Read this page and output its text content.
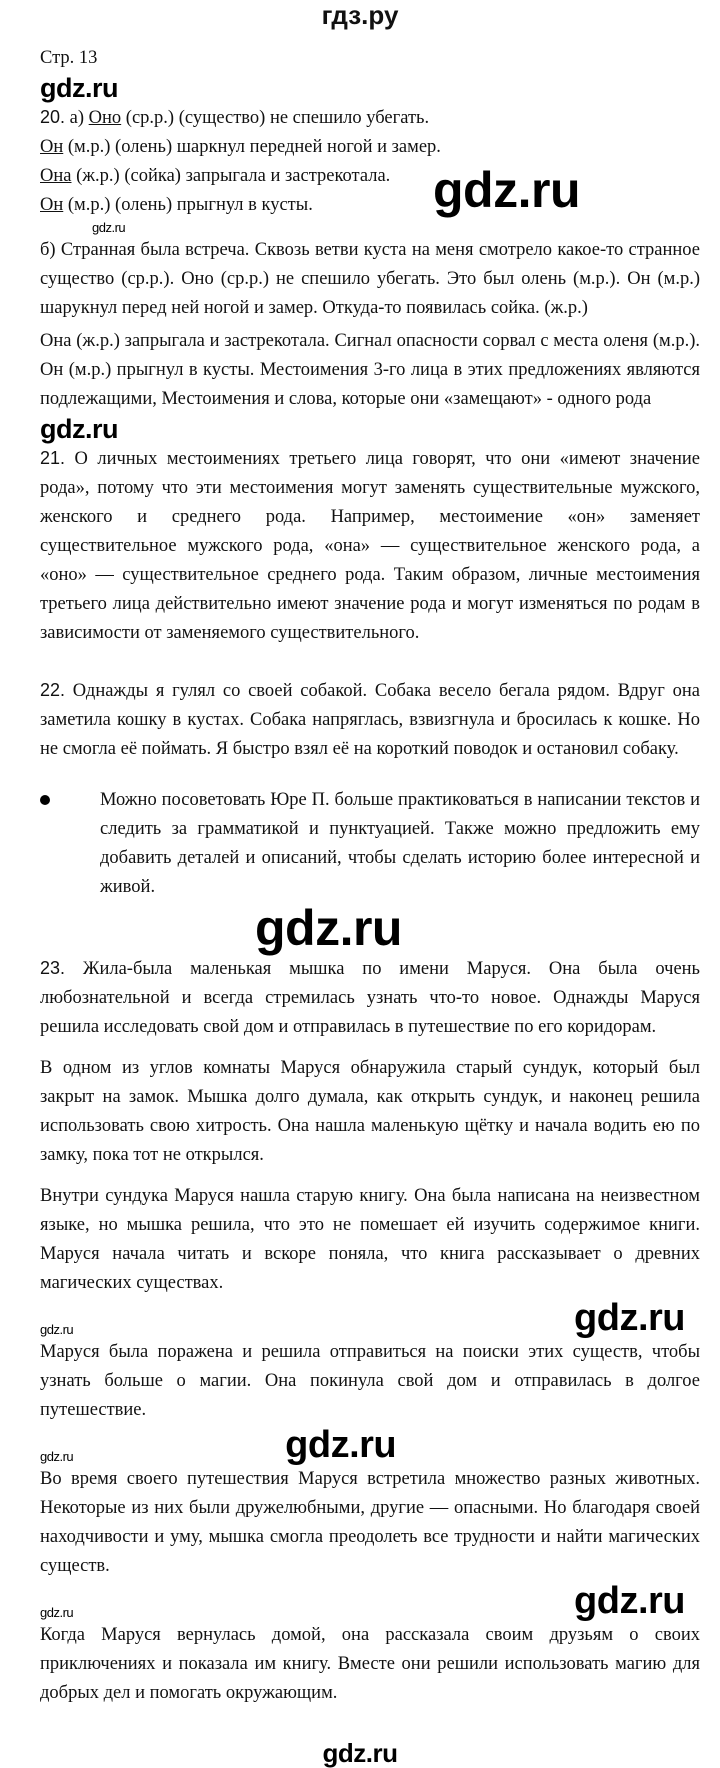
гдз.ру
Стр. 13
gdz.ru
20. а) Оно (ср.р.) (существо) не спешило убегать.
Он (м.р.) (олень) шаркнул передней ногой и замер.
gdz.ru
Она (ж.р.) (сойка) запрыгала и застрекотала.
Он (м.р.) (олень) прыгнул в кусты.
gdz.ru
б) Странная была встреча. Сквозь ветви куста на меня смотрело какое-то странное существо (ср.р.). Оно (ср.р.) не спешило убегать. Это был олень (м.р.). Он (м.р.) шарукнул перед ней ногой и замер. Откуда-то появилась сойка. (ж.р.)
Она (ж.р.) запрыгала и застрекотала. Сигнал опасности сорвал с места оленя (м.р.). Он (м.р.) прыгнул в кусты. Местоимения 3-го лица в этих предложениях являются подлежащими, Местоимения и слова, которые они «замещают» - одного рода
gdz.ru
21. О личных местоимениях третьего лица говорят, что они «имеют значение рода», потому что эти местоимения могут заменять существительные мужского, женского и среднего рода. Например, местоимение «он» заменяет существительное мужского рода, «она» — существительное женского рода, а «оно» — существительное среднего рода. Таким образом, личные местоимения третьего лица действительно имеют значение рода и могут изменяться по родам в зависимости от заменяемого существительного.
22. Однажды я гулял со своей собакой. Собака весело бегала рядом. Вдруг она заметила кошку в кустах. Собака напряглась, взвизгнула и бросилась к кошке. Но не смогла её поймать. Я быстро взял её на короткий поводок и остановил собаку.
Можно посоветовать Юре П. больше практиковаться в написании текстов и следить за грамматикой и пунктуацией. Также можно предложить ему добавить деталей и описаний, чтобы сделать историю более интересной и живой.
gdz.ru
23. Жила-была маленькая мышка по имени Маруся. Она была очень любознательной и всегда стремилась узнать что-то новое. Однажды Маруся решила исследовать свой дом и отправилась в путешествие по его коридорам.
В одном из углов комнаты Маруся обнаружила старый сундук, который был закрыт на замок. Мышка долго думала, как открыть сундук, и наконец решила использовать свою хитрость. Она нашла маленькую щётку и начала водить ею по замку, пока тот не открылся.
Внутри сундука Маруся нашла старую книгу. Она была написана на неизвестном языке, но мышка решила, что это не помешает ей изучить содержимое книги. Маруся начала читать и вскоре поняла, что книга рассказывает о древних магических существах.
gdz.ru	gdz.ru
Маруся была поражена и решила отправиться на поиски этих существ, чтобы узнать больше о магии. Она покинула свой дом и отправилась в долгое путешествие.
gdz.ru	gdz.ru
Во время своего путешествия Маруся встретила множество разных животных. Некоторые из них были дружелюбными, другие — опасными. Но благодаря своей находчивости и уму, мышка смогла преодолеть все трудности и найти магических существ.
gdz.ru	gdz.ru
Когда Маруся вернулась домой, она рассказала своим друзьям о своих приключениях и показала им книгу. Вместе они решили использовать магию для добрых дел и помогать окружающим.
gdz.ru
